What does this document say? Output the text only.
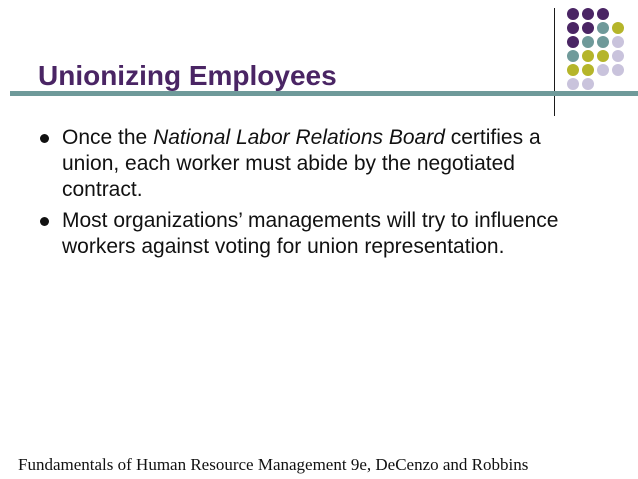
Unionizing Employees
Once the National Labor Relations Board certifies a union, each worker must abide by the negotiated contract.
Most organizations’ managements will try to influence workers against voting for union representation.

Fundamentals of Human Resource Management 9e, DeCenzo and Robbins
